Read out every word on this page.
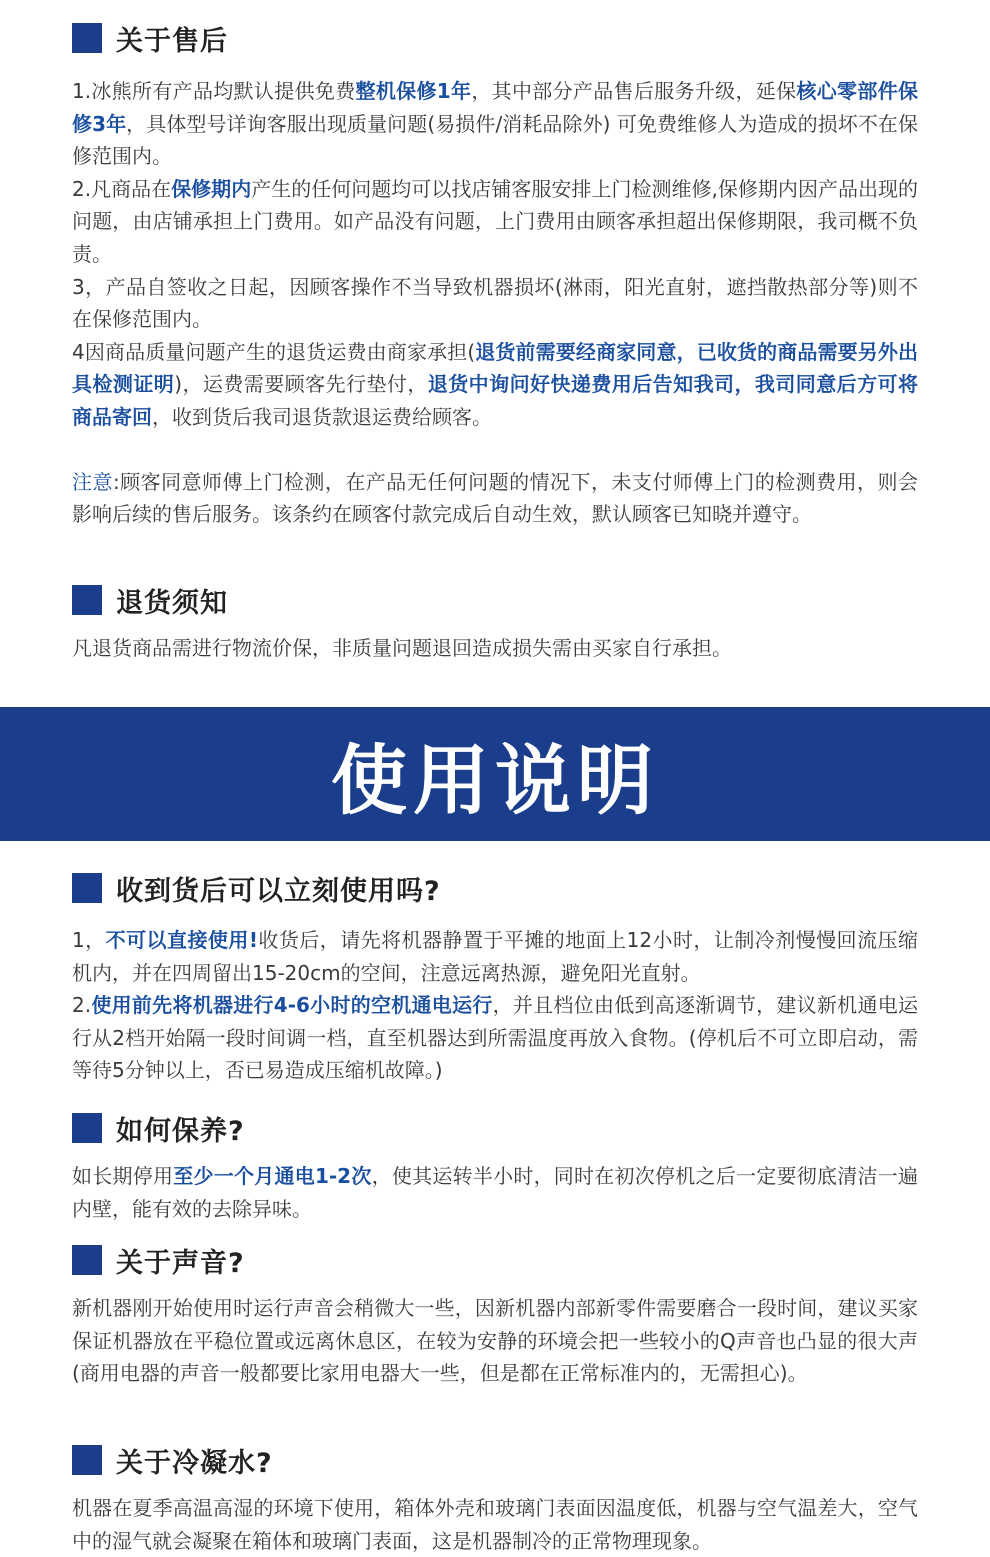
关于售后

1.冰熊所有产品均默认提供免费整机保修1年，其中部分产品售后服务升级，延保核心零部件保修3年，具体型号详询客服出现质量问题(易损件/消耗品除外) 可免费维修人为造成的损坏不在保修范围内。

2.凡商品在保修期内产生的任何问题均可以找店铺客服安排上门检测维修,保修期内因产品出现的问题，由店铺承担上门费用。如产品没有问题，上门费用由顾客承担超出保修期限，我司概不负责。

3，产品自签收之日起，因顾客操作不当导致机器损坏(淋雨，阳光直射，遮挡散热部分等)则不在保修范围内。

4因商品质量问题产生的退货运费由商家承担(退货前需要经商家同意，已收货的商品需要另外出具检测证明)，运费需要顾客先行垫付，退货中询问好快递费用后告知我司，我司同意后方可将商品寄回，收到货后我司退货款退运费给顾客。

注意:顾客同意师傅上门检测，在产品无任何问题的情况下，未支付师傅上门的检测费用，则会影响后续的售后服务。该条约在顾客付款完成后自动生效，默认顾客已知晓并遵守。

退货须知

凡退货商品需进行物流价保，非质量问题退回造成损失需由买家自行承担。

使用说明
收到货后可以立刻使用吗?

1，不可以直接使用!收货后，请先将机器静置于平摊的地面上12小时，让制冷剂慢慢回流压缩机内，并在四周留出15-20cm的空间，注意远离热源，避免阳光直射。

2.使用前先将机器进行4-6小时的空机通电运行，并且档位由低到高逐渐调节，建议新机通电运行从2档开始隔一段时间调一档，直至机器达到所需温度再放入食物。(停机后不可立即启动，需等待5分钟以上，否已易造成压缩机故障。)

如何保养?

如长期停用至少一个月通电1-2次，使其运转半小时，同时在初次停机之后一定要彻底清洁一遍内壁，能有效的去除异味。

关于声音?

新机器刚开始使用时运行声音会稍微大一些，因新机器内部新零件需要磨合一段时间，建议买家保证机器放在平稳位置或远离休息区，在较为安静的环境会把一些较小的Q声音也凸显的很大声(商用电器的声音一般都要比家用电器大一些，但是都在正常标准内的，无需担心)。

关于冷凝水?

机器在夏季高温高湿的环境下使用，箱体外壳和玻璃门表面因温度低，机器与空气温差大，空气中的湿气就会凝聚在箱体和玻璃门表面，这是机器制冷的正常物理现象。
